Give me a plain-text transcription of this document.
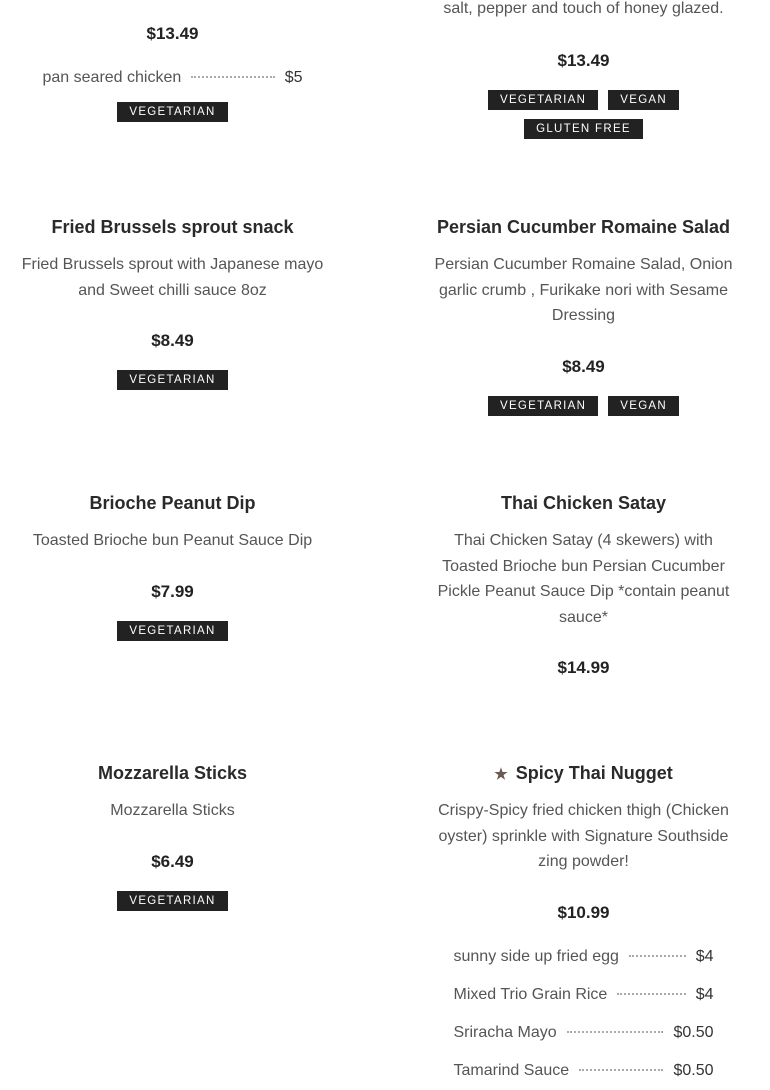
$13.49
pan seared chicken	$5
VEGETARIAN
salt, pepper and touch of honey glazed.
$13.49
VEGETARIAN	VEGAN
GLUTEN FREE
Fried Brussels sprout snack
Fried Brussels sprout with Japanese mayo and Sweet chilli sauce 8oz
$8.49
VEGETARIAN
Persian Cucumber Romaine Salad
Persian Cucumber Romaine Salad, Onion garlic crumb , Furikake nori with Sesame Dressing
$8.49
VEGETARIAN	VEGAN
Brioche Peanut Dip
Toasted Brioche bun Peanut Sauce Dip
$7.99
VEGETARIAN
Thai Chicken Satay
Thai Chicken Satay (4 skewers) with Toasted Brioche bun Persian Cucumber Pickle Peanut Sauce Dip *contain peanut sauce*
$14.99
Mozzarella Sticks
Mozzarella Sticks
$6.49
VEGETARIAN
★ Spicy Thai Nugget
Crispy-Spicy fried chicken thigh (Chicken oyster) sprinkle with Signature Southside zing powder!
$10.99
sunny side up fried egg	$4
Mixed Trio Grain Rice	$4
Sriracha Mayo	$0.50
Tamarind Sauce	$0.50
